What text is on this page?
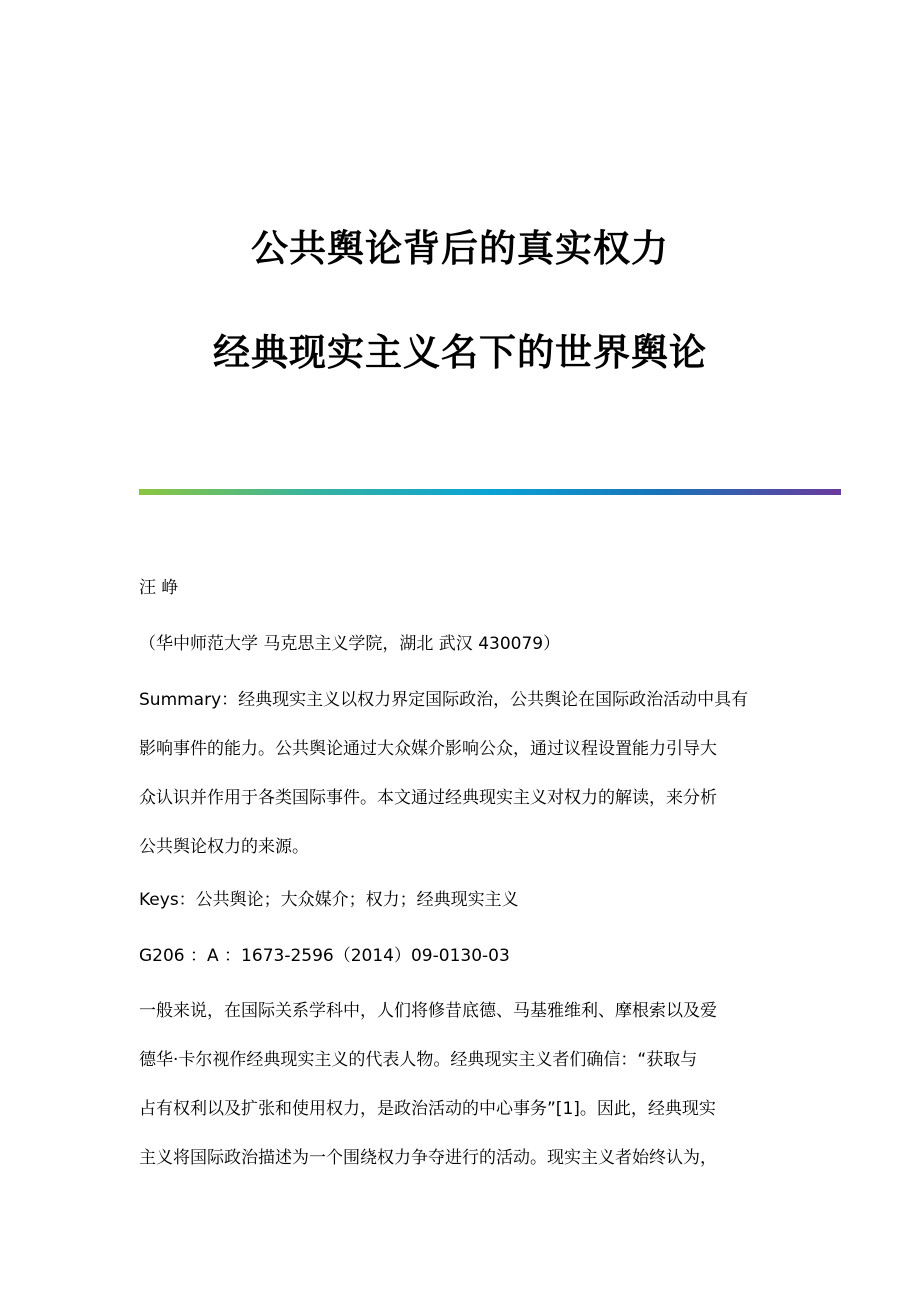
公共舆论背后的真实权力
经典现实主义名下的世界舆论
汪 峥
（华中师范大学 马克思主义学院，湖北 武汉 430079）
Summary：经典现实主义以权力界定国际政治，公共舆论在国际政治活动中具有
影响事件的能力。公共舆论通过大众媒介影响公众，通过议程设置能力引导大
众认识并作用于各类国际事件。本文通过经典现实主义对权力的解读，来分析
公共舆论权力的来源。
Keys：公共舆论；大众媒介；权力；经典现实主义
G206 ：A ：1673-2596（2014）09-0130-03
一般来说，在国际关系学科中，人们将修昔底德、马基雅维利、摩根索以及爱
德华·卡尔视作经典现实主义的代表人物。经典现实主义者们确信：“获取与
占有权利以及扩张和使用权力，是政治活动的中心事务”[1]。因此，经典现实
主义将国际政治描述为一个围绕权力争夺进行的活动。现实主义者始终认为，
